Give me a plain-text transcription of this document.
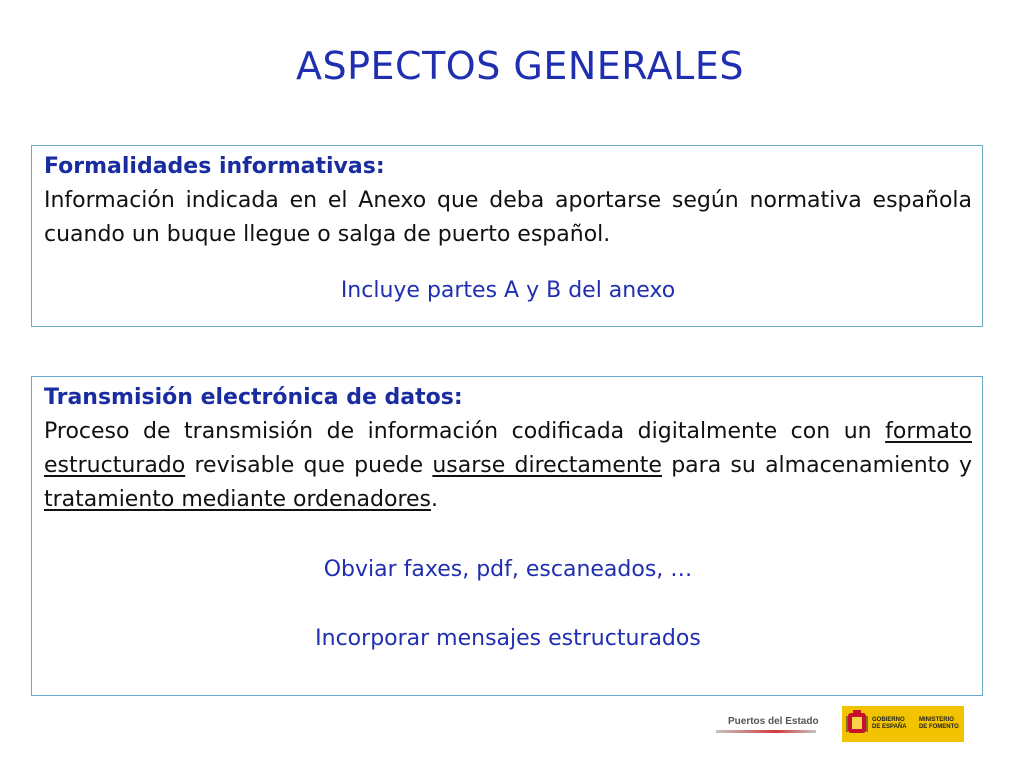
ASPECTOS GENERALES
Formalidades informativas:
Información indicada en el Anexo que deba aportarse según normativa española cuando un buque llegue o salga de puerto español.
Incluye partes A y B del anexo
Transmisión electrónica de datos:
Proceso de transmisión de información codificada digitalmente con un formato estructurado revisable que puede usarse directamente para su almacenamiento y tratamiento mediante ordenadores.
Obviar faxes, pdf, escaneados, …
Incorporar mensajes estructurados
Puertos del Estado	GOBIERNO DE ESPAÑA
MINISTERIO DE FOMENTO
